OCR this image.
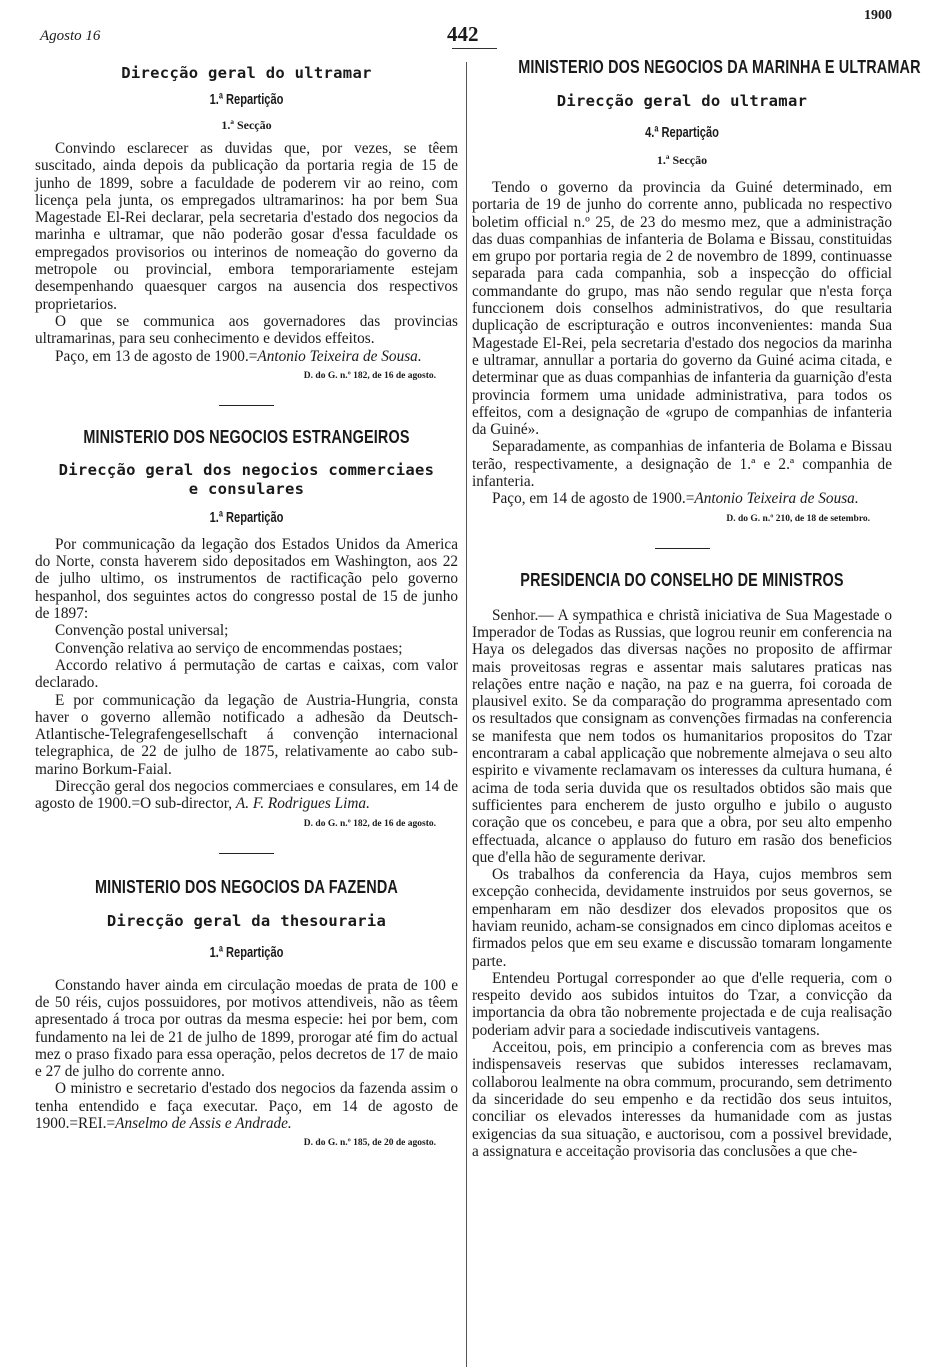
Agosto 16	442
1900
Direcção geral do ultramar
1.ª Repartição
1.ª Secção

Convindo esclarecer as duvidas que, por vezes, se têem suscitado, ainda depois da publicação da portaria regia de 15 de junho de 1899, sobre a faculdade de poderem vir ao reino, com licença pela junta, os empregados ultramarinos: ha por bem Sua Magestade El-Rei declarar, pela secretaria d'estado dos negocios da marinha e ultramar, que não poderão gosar d'essa faculdade os empregados provisorios ou interinos de nomeação do governo da metropole ou provincial, embora temporariamente estejam desempenhando quaesquer cargos na ausencia dos respectivos proprietarios.

O que se communica aos governadores das provincias ultramarinas, para seu conhecimento e devidos effeitos.

Paço, em 13 de agosto de 1900.=Antonio Teixeira de Sousa.

D. do G. n.º 182, de 16 de agosto.
MINISTERIO DOS NEGOCIOS ESTRANGEIROS
Direcção geral dos negocios commerciaes
e consulares
1.ª Repartição

Por communicação da legação dos Estados Unidos da America do Norte, consta haverem sido depositados em Washington, aos 22 de julho ultimo, os instrumentos de ractificação pelo governo hespanhol, dos seguintes actos do congresso postal de 15 de junho de 1897:

Convenção postal universal;

Convenção relativa ao serviço de encommendas postaes;

Accordo relativo á permutação de cartas e caixas, com valor declarado.

E por communicação da legação de Austria-Hungria, consta haver o governo allemão notificado a adhesão da Deutsch-Atlantische-Telegrafengesellschaft á convenção internacional telegraphica, de 22 de julho de 1875, relativamente ao cabo sub-marino Borkum-Faial.

Direcção geral dos negocios commerciaes e consulares, em 14 de agosto de 1900.=O sub-director, A. F. Rodrigues Lima.

D. do G. n.º 182, de 16 de agosto.
MINISTERIO DOS NEGOCIOS DA FAZENDA
Direcção geral da thesouraria
1.ª Repartição

Constando haver ainda em circulação moedas de prata de 100 e de 50 réis, cujos possuidores, por motivos attendiveis, não as têem apresentado á troca por outras da mesma especie: hei por bem, com fundamento na lei de 21 de julho de 1899, prorogar até fim do actual mez o praso fixado para essa operação, pelos decretos de 17 de maio e 27 de julho do corrente anno.

O ministro e secretario d'estado dos negocios da fazenda assim o tenha entendido e faça executar. Paço, em 14 de agosto de 1900.=REI.=Anselmo de Assis e Andrade.

D. do G. n.º 185, de 20 de agosto.
MINISTERIO DOS NEGOCIOS DA MARINHA E ULTRAMAR
Direcção geral do ultramar
4.ª Repartição
1.ª Secção

Tendo o governo da provincia da Guiné determinado, em portaria de 19 de junho do corrente anno, publicada no respectivo boletim official n.º 25, de 23 do mesmo mez, que a administração das duas companhias de infanteria de Bolama e Bissau, constituidas em grupo por portaria regia de 2 de novembro de 1899, continuasse separada para cada companhia, sob a inspecção do official commandante do grupo, mas não sendo regular que n'esta força funccionem dois conselhos administrativos, do que resultaria duplicação de escripturação e outros inconvenientes: manda Sua Magestade El-Rei, pela secretaria d'estado dos negocios da marinha e ultramar, annullar a portaria do governo da Guiné acima citada, e determinar que as duas companhias de infanteria da guarnição d'esta provincia formem uma unidade administrativa, para todos os effeitos, com a designação de «grupo de companhias de infanteria da Guiné».

Separadamente, as companhias de infanteria de Bolama e Bissau terão, respectivamente, a designação de 1.ª e 2.ª companhia de infanteria.

Paço, em 14 de agosto de 1900.=Antonio Teixeira de Sousa.

D. do G. n.º 210, de 18 de setembro.
PRESIDENCIA DO CONSELHO DE MINISTROS

Senhor.— A sympathica e christã iniciativa de Sua Magestade o Imperador de Todas as Russias, que logrou reunir em conferencia na Haya os delegados das diversas nações no proposito de affirmar mais proveitosas regras e assentar mais salutares praticas nas relações entre nação e nação, na paz e na guerra, foi coroada de plausivel exito. Se da comparação do programma apresentado com os resultados que consignam as convenções firmadas na conferencia se manifesta que nem todos os humanitarios propositos do Tzar encontraram a cabal applicação que nobremente almejava o seu alto espirito e vivamente reclamavam os interesses da cultura humana, é acima de toda seria duvida que os resultados obtidos são mais que sufficientes para encherem de justo orgulho e jubilo o augusto coração que os concebeu, e para que a obra, por seu alto empenho effectuada, alcance o applauso do futuro em rasão dos beneficios que d'ella hão de seguramente derivar.

Os trabalhos da conferencia da Haya, cujos membros sem excepção conhecida, devidamente instruidos por seus governos, se empenharam em não desdizer dos elevados propositos que os haviam reunido, acham-se consignados em cinco diplomas aceitos e firmados pelos que em seu exame e discussão tomaram longamente parte.

Entendeu Portugal corresponder ao que d'elle requeria, com o respeito devido aos subidos intuitos do Tzar, a convicção da importancia da obra tão nobremente projectada e de cuja realisação poderiam advir para a sociedade indiscutiveis vantagens.

Acceitou, pois, em principio a conferencia com as breves mas indispensaveis reservas que subidos interesses reclamavam, collaborou lealmente na obra commum, procurando, sem detrimento da sinceridade do seu empenho e da rectidão dos seus intuitos, conciliar os elevados interesses da humanidade com as justas exigencias da sua situação, e auctorisou, com a possivel brevidade, a assignatura e acceitação provisoria das conclusões a que che-
